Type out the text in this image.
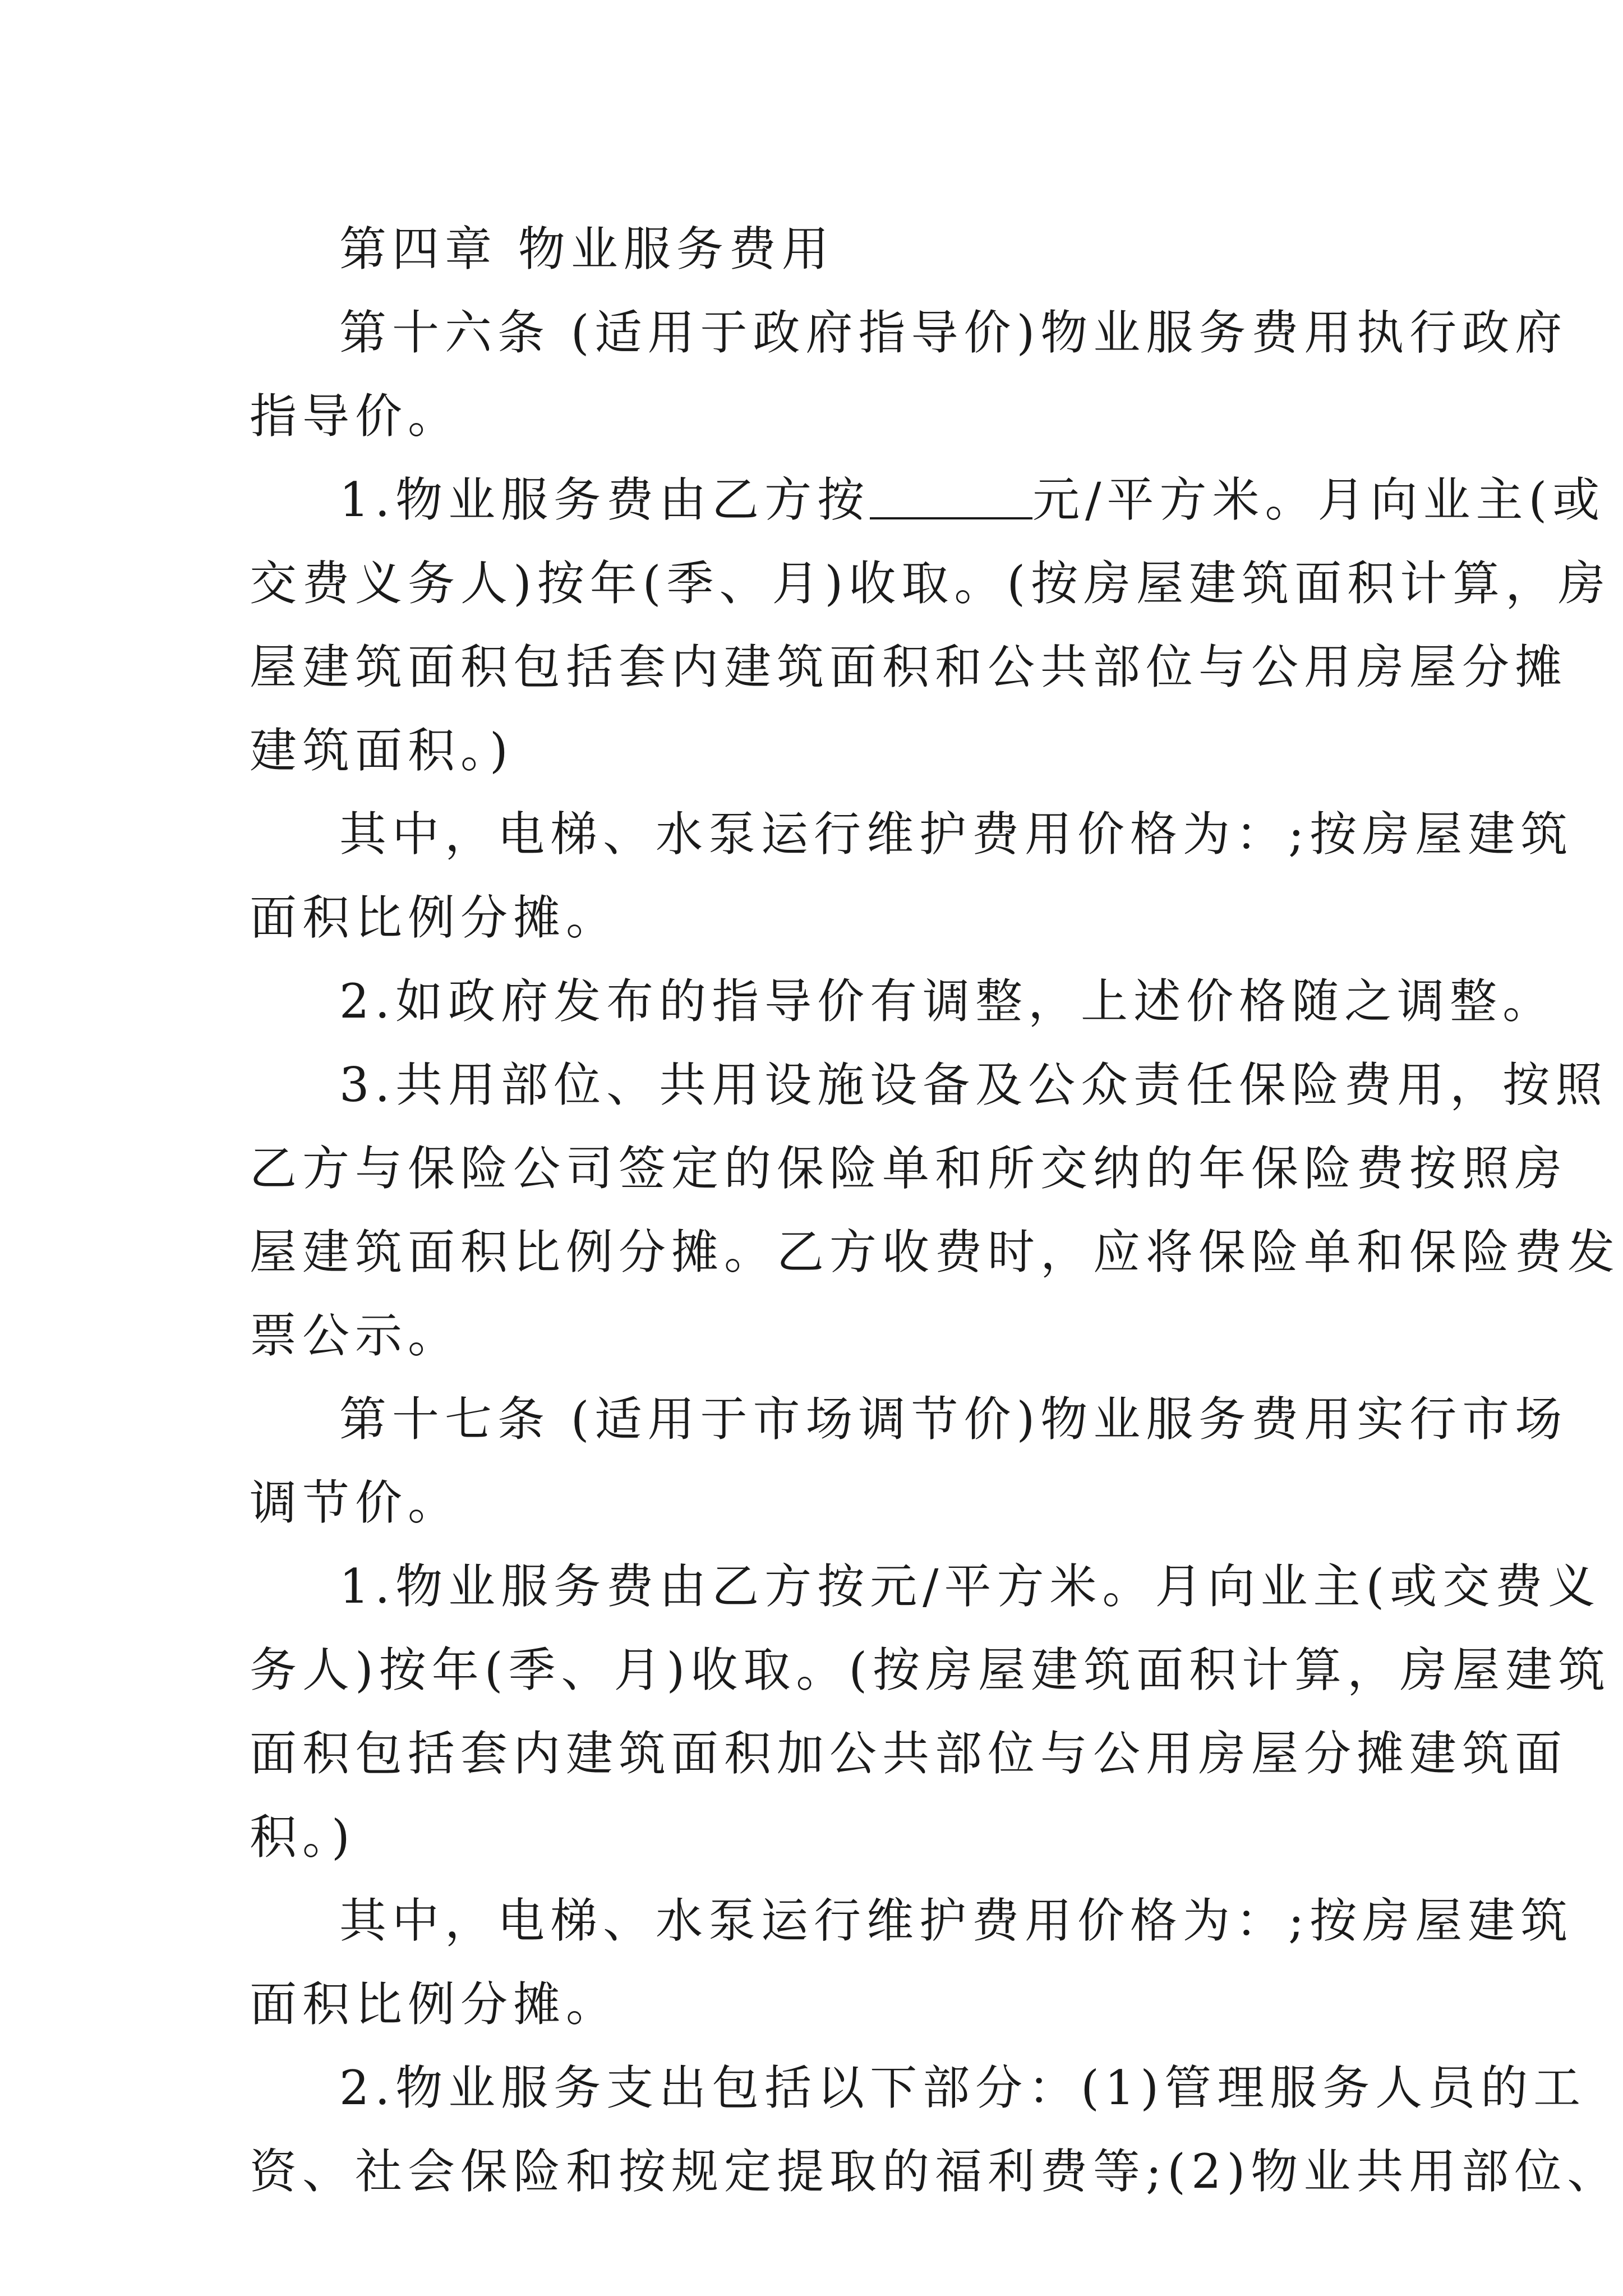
第四章 物业服务费用
第十六条 (适用于政府指导价)物业服务费用执行政府
指导价。
1.物业服务费由乙方按	元/平方米。月向业主(或
交费义务人)按年(季、月)收取。(按房屋建筑面积计算，房
屋建筑面积包括套内建筑面积和公共部位与公用房屋分摊
建筑面积。)
其中，电梯、水泵运行维护费用价格为：;按房屋建筑
面积比例分摊。
2.如政府发布的指导价有调整，上述价格随之调整。
3.共用部位、共用设施设备及公众责任保险费用，按照
乙方与保险公司签定的保险单和所交纳的年保险费按照房
屋建筑面积比例分摊。乙方收费时，应将保险单和保险费发
票公示。
第十七条 (适用于市场调节价)物业服务费用实行市场
调节价。
1.物业服务费由乙方按元/平方米。月向业主(或交费义
务人)按年(季、月)收取。(按房屋建筑面积计算，房屋建筑
面积包括套内建筑面积加公共部位与公用房屋分摊建筑面
积。)
其中，电梯、水泵运行维护费用价格为：;按房屋建筑
面积比例分摊。
2.物业服务支出包括以下部分：(1)管理服务人员的工
资、社会保险和按规定提取的福利费等;(2)物业共用部位、
